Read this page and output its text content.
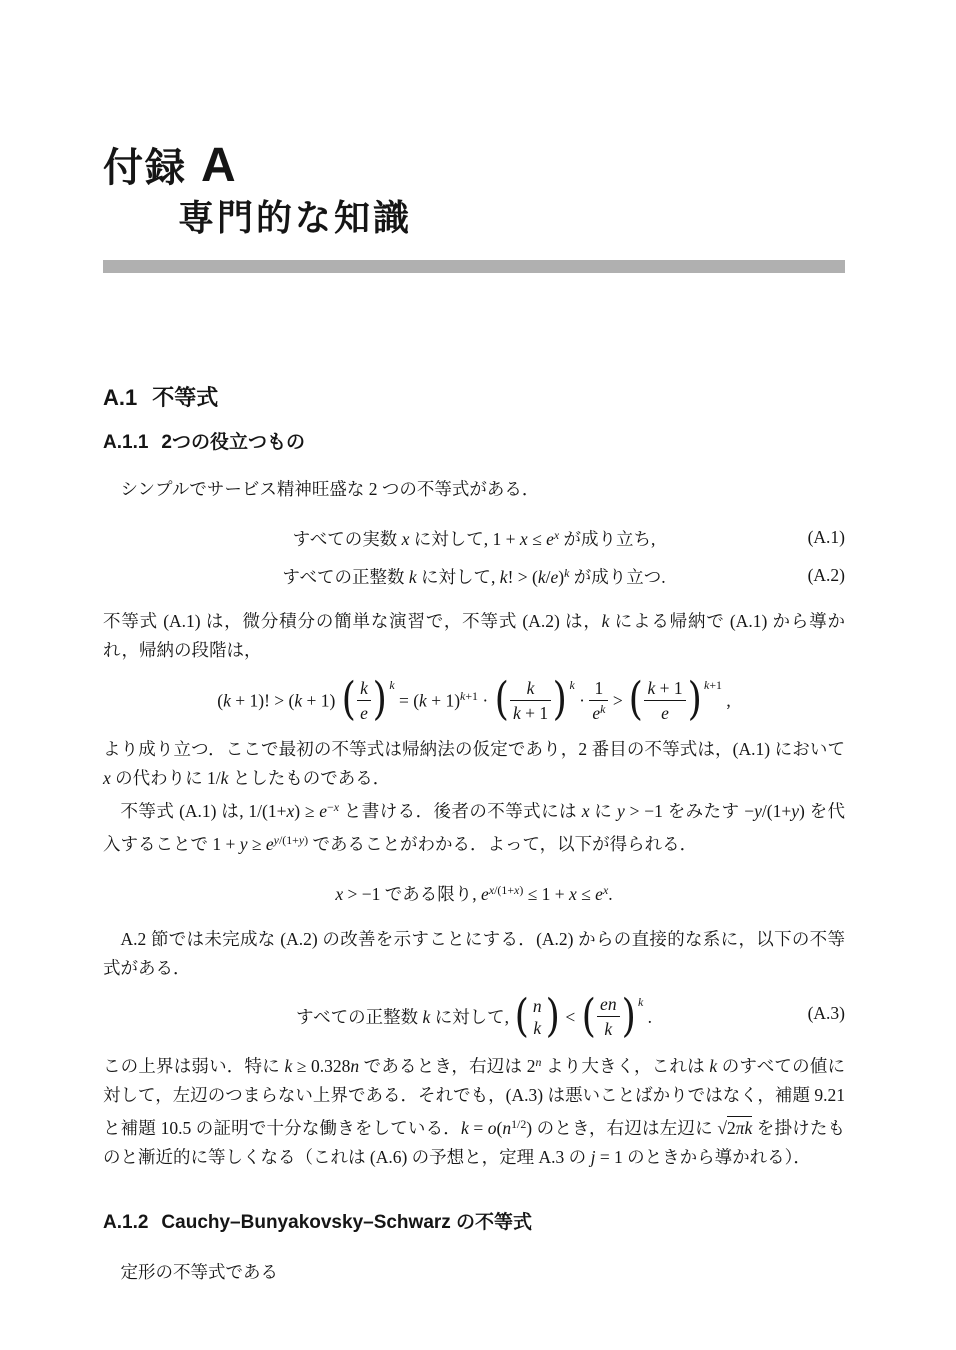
付録 A
専門的な知識
A.1 不等式
A.1.1 2つの役立つもの

シンプルでサービス精神旺盛な 2 つの不等式がある．

すべての実数 x に対して, $1 + x \le e^x$ が成り立ち,	(A.1)
すべての正整数 k に対して, k! > $(k/e)^k$ が成り立つ.	(A.2)

不等式 (A.1) は，微分積分の簡単な演習で，不等式 (A.2) は，k による帰納で (A.1) から導かれ，帰納の段階は，

(k + 1)! > (k + 1) ( $\frac{k}{e}$ ) $^k = (k + 1)^{k+1}$ · ( $\frac{k}{k + 1}$ ) $^k \cdot \frac{1}{e^k}$ > ( $\frac{k + 1}{e}$ ) $^{k+1}$ ,

より成り立つ．ここで最初の不等式は帰納法の仮定であり，2 番目の不等式は，(A.1) において x の代わりに 1/k としたものである．

不等式 (A.1) は, $1/(1+x) \ge e^{-x}$ と書ける．後者の不等式には x に y > −1 をみたす −y/(1+y) を代入することで $1 + y \ge e^{y/(1+y)}$ であることがわかる．よって，以下が得られる．

x > −1 である限り, $e^{x/(1+x)} \le 1 + x \le e^x$.

A.2 節では未完成な (A.2) の改善を示すことにする．(A.2) からの直接的な系に，以下の不等式がある．

すべての正整数 k に対して, ( n
k ) < ( $\frac{en}{k}$ ) $^k$ .	(A.3)

この上界は弱い．特に k ≥ 0.328n であるとき，右辺は 2$^n$ より大きく，これは k のすべての値に対して，左辺のつまらない上界である．それでも，(A.3) は悪いことばかりではなく，補題 9.21 と補題 10.5 の証明で十分な働きをしている．$k = o(n^{1/2})$ のとき，右辺は左辺に √2πk を掛けたものと漸近的に等しくなる（これは (A.6) の予想と，定理 A.3 の j = 1 のときから導かれる）．

A.1.2 Cauchy–Bunyakovsky–Schwarz の不等式

定形の不等式である
